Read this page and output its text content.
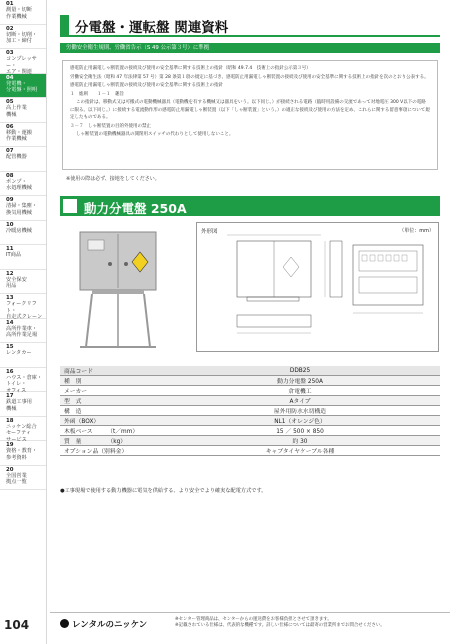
01
測量・切断
作業機械
02
切断・切削・
加工・締付
03
コンプレッサー・
エア・関連
04
発電機・
分電盤・照明
05
高上作業
機械
06
移動・運搬
作業機械
07
配管機器
08
ポンプ・
水処理機械
09
清掃・集塵・
換気用機械
10
冷暖房機械
11
IT商品
12
安全保安
用品
13
フォークリフト・
自走式クレーン
14
高所作業車・
高所作業足場
15
レンタカー
16
ハウス・倉庫・
トイレ・
オフィス
17
鉄道工事用
機械
18
ニッケン総合
セーフティ
サービス
19
資格・教育・
参考資料
20
全国営業
拠点一覧
104
分電盤・運転盤 関連資料
労働安全衛生規則、労働省告示（S 49 公示第３号）に準拠

感電防止用漏電しゃ断装置の接続及び使用の安全基準に関する技術上の指針（昭和 49.7.4　技術上の指針公示第３号）

労働安全衛生法（昭和 47 年法律第 57 号）第 28 条第１項の規定に基づき、感電防止用漏電しゃ断装置の接続及び使用の安全基準に関する技術上の指針を次のとおり公表する。

感電防止用漏電しゃ断装置の接続及び使用の安全基準に関する技術上の指針

１　総則　　１－１　趣旨

この指針は、移動式又は可搬式の電動機械器具（電動機を有する機械又は器具をいう。以下同じ。）が接続される電路（臨時用設備の交流であって対地電圧 300 V以下の電路に限る。以下同じ。）に接続する電流動作形の感電防止用漏電しゃ断装置（以下「しゃ断装置」という。）の適正な接続及び使用の方法を定め、これらに関する留意事項について規定したものである。

３－７　しゃ断装置の目的外使用の禁止

しゃ断装置の電動機械器具の開閉用スイッチの代わりとして使用しないこと。

※使用の際は必ず、接地をしてください。
動力分電盤 250A
外形図	（単位：mm）
商品コード	DDB25
種　別	動力分電盤 250A
メーカー	倉電機工
型　式	Aタイプ
構　造	屋外用防水水切構造
外函（BOX）	NL1（オレンジ色）
木板ベース　　　（t／mm）	15 ／ 500 × 850
質　量　　　　　（kg）	約 30
オプション品（別料金）	キャブタイヤケーブル各種
●工事現場で使用する動力機器に電気を供給する、より安全でより確実な配電方式です。
レンタルのニッケン
※センター管理商品は、センターからの運送費をお客様負担とさせて頂きます。
※記載されている仕様は、代表的な機種です。詳しい仕様については最寄の営業所までお問合せください。
